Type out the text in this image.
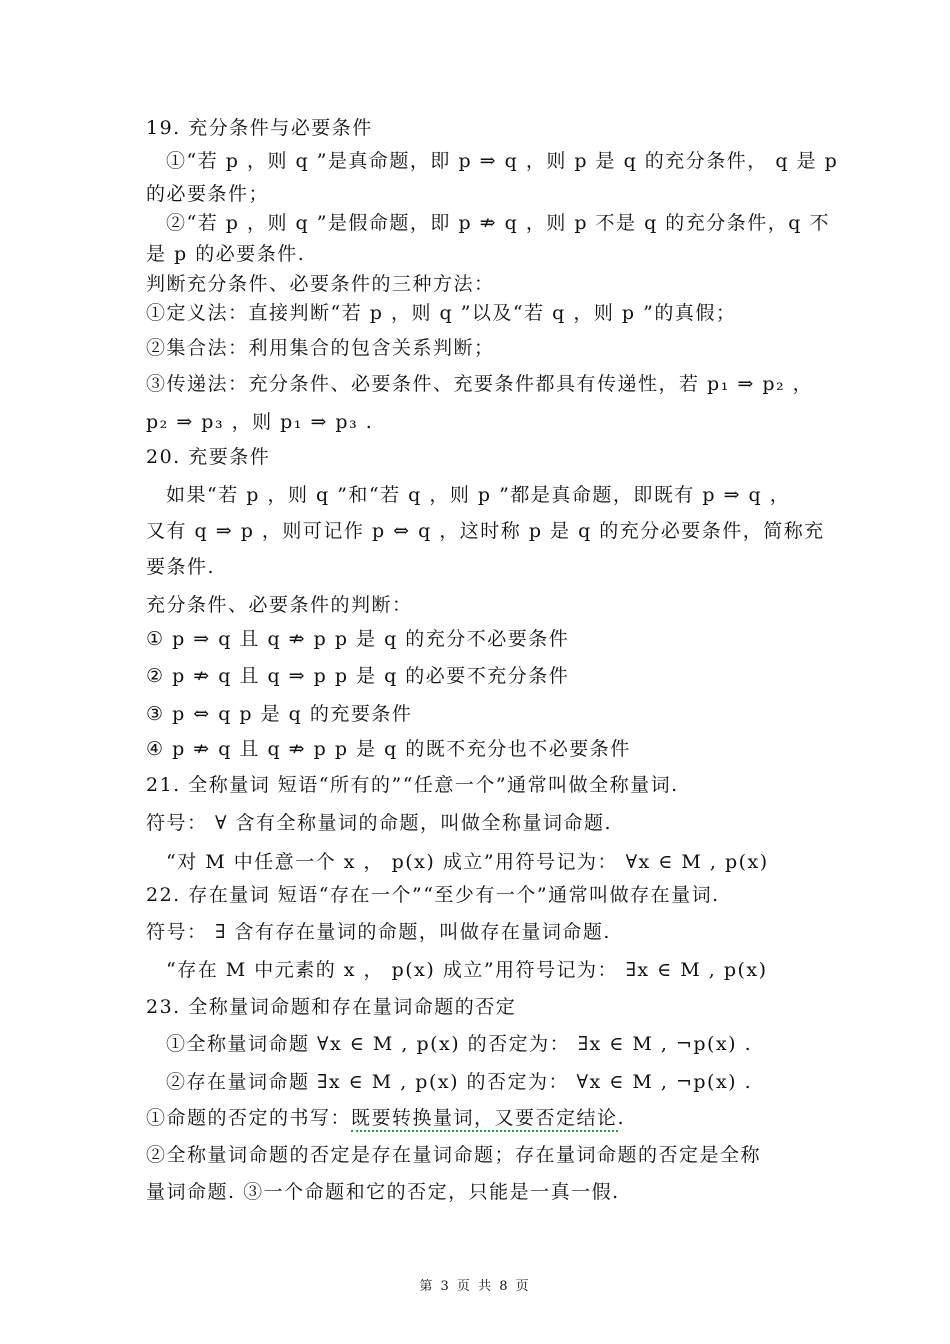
19. 充分条件与必要条件
①“若 p ，则 q ”是真命题，即 p ⇒ q ，则 p 是 q 的充分条件， q 是 p
的必要条件；
②“若 p ，则 q ”是假命题，即 p ⇏ q ，则 p 不是 q 的充分条件，q 不
是 p 的必要条件.
判断充分条件、必要条件的三种方法：
①定义法：直接判断“若 p ，则 q ”以及“若 q ，则 p ”的真假；
②集合法：利用集合的包含关系判断；
③传递法：充分条件、必要条件、充要条件都具有传递性，若 p₁ ⇒ p₂ ，
p₂ ⇒ p₃ ，则 p₁ ⇒ p₃ .
20. 充要条件
如果“若 p ，则 q ”和“若 q ，则 p ”都是真命题，即既有 p ⇒ q ，
又有 q ⇒ p ，则可记作 p ⇔ q ，这时称 p 是 q 的充分必要条件，简称充
要条件.
充分条件、必要条件的判断：
① p ⇒ q 且 q ⇏ p p 是 q 的充分不必要条件
② p ⇏ q 且 q ⇒ p p 是 q 的必要不充分条件
③ p ⇔ q p 是 q 的充要条件
④ p ⇏ q 且 q ⇏ p p 是 q 的既不充分也不必要条件
21. 全称量词 短语“所有的”“任意一个”通常叫做全称量词.
符号： ∀ 含有全称量词的命题，叫做全称量词命题.
“对 M 中任意一个 x ， p(x) 成立”用符号记为： ∀x ∈ M , p(x)
22. 存在量词 短语“存在一个”“至少有一个”通常叫做存在量词.
符号： ∃ 含有存在量词的命题，叫做存在量词命题.
“存在 M 中元素的 x ， p(x) 成立”用符号记为： ∃x ∈ M , p(x)
23. 全称量词命题和存在量词命题的否定
①全称量词命题 ∀x ∈ M , p(x) 的否定为： ∃x ∈ M , ¬p(x) .
②存在量词命题 ∃x ∈ M , p(x) 的否定为： ∀x ∈ M , ¬p(x) .
①命题的否定的书写：既要转换量词，又要否定结论.
②全称量词命题的否定是存在量词命题；存在量词命题的否定是全称
量词命题. ③一个命题和它的否定，只能是一真一假.
第 3 页 共 8 页
